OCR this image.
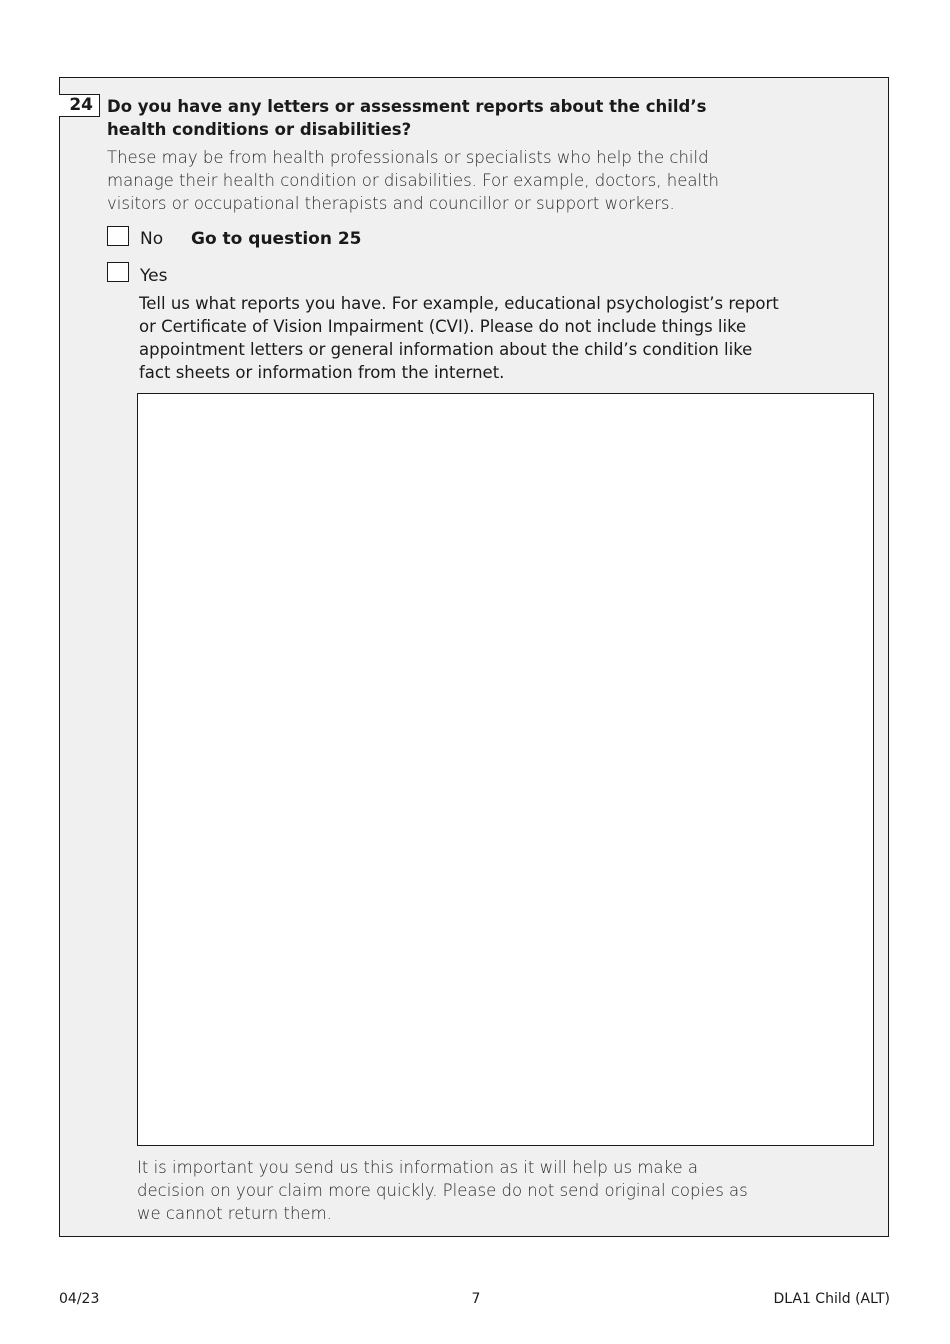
24 Do you have any letters or assessment reports about the child’s health conditions or disabilities?
These may be from health professionals or specialists who help the child manage their health condition or disabilities. For example, doctors, health visitors or occupational therapists and councillor or support workers.
No Go to question 25
Yes
Tell us what reports you have. For example, educational psychologist’s report or Certificate of Vision Impairment (CVI). Please do not include things like appointment letters or general information about the child’s condition like fact sheets or information from the internet.
It is important you send us this information as it will help us make a decision on your claim more quickly. Please do not send original copies as we cannot return them.
04/23	7	DLA1 Child (ALT)
